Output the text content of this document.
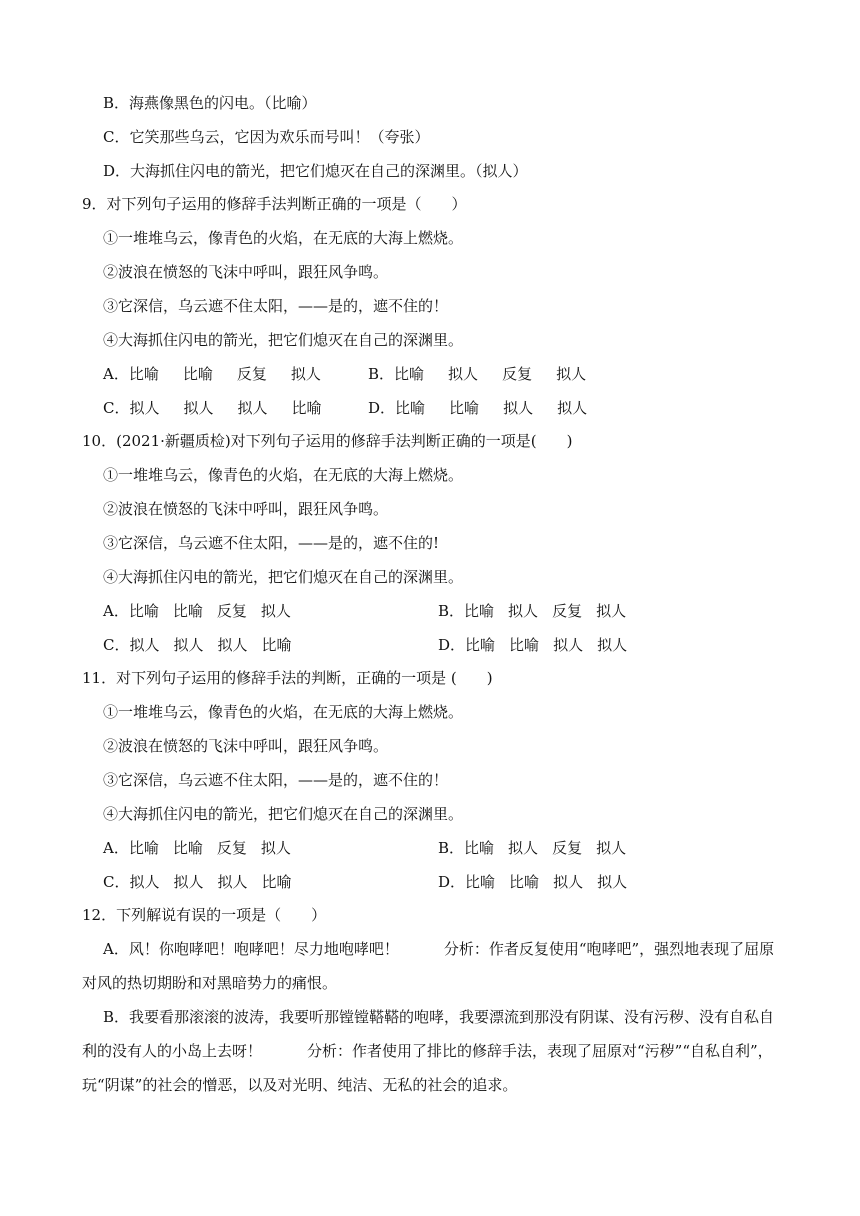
B．海燕像黑色的闪电。（比喻）
C．它笑那些乌云，它因为欢乐而号叫！（夸张）
D．大海抓住闪电的箭光，把它们熄灭在自己的深渊里。（拟人）
9．对下列句子运用的修辞手法判断正确的一项是（　　）
①一堆堆乌云，像青色的火焰，在无底的大海上燃烧。
②波浪在愤怒的飞沫中呼叫，跟狂风争鸣。
③它深信，乌云遮不住太阳，——是的，遮不住的！
④大海抓住闪电的箭光，把它们熄灭在自己的深渊里。
A．比喻 比喻 反复 拟人	B．比喻 拟人 反复 拟人
C．拟人 拟人 拟人 比喻	D．比喻 比喻 拟人 拟人
10．(2021·新疆质检)对下列句子运用的修辞手法判断正确的一项是(　　)
①一堆堆乌云，像青色的火焰，在无底的大海上燃烧。
②波浪在愤怒的飞沫中呼叫，跟狂风争鸣。
③它深信，乌云遮不住太阳，——是的，遮不住的!
④大海抓住闪电的箭光，把它们熄灭在自己的深渊里。
A．比喻 比喻 反复 拟人	B．比喻 拟人 反复 拟人
C．拟人 拟人 拟人 比喻	D．比喻 比喻 拟人 拟人
11．对下列句子运用的修辞手法的判断，正确的一项是 (　　)
①一堆堆乌云，像青色的火焰，在无底的大海上燃烧。
②波浪在愤怒的飞沫中呼叫，跟狂风争鸣。
③它深信，乌云遮不住太阳，——是的，遮不住的！
④大海抓住闪电的箭光，把它们熄灭在自己的深渊里。
A．比喻 比喻 反复 拟人	B．比喻 拟人 反复 拟人
C．拟人 拟人 拟人 比喻	D．比喻 比喻 拟人 拟人
12．下列解说有误的一项是（　　）
A．风！你咆哮吧！咆哮吧！尽力地咆哮吧！　　　分析：作者反复使用“咆哮吧”，强烈地表现了屈原对风的热切期盼和对黑暗势力的痛恨。
B．我要看那滚滚的波涛，我要听那镗镗鞳鞳的咆哮，我要漂流到那没有阴谋、没有污秽、没有自私自利的没有人的小岛上去呀！　　　分析：作者使用了排比的修辞手法，表现了屈原对“污秽”“自私自利”，玩“阴谋”的社会的憎恶，以及对光明、纯洁、无私的社会的追求。
